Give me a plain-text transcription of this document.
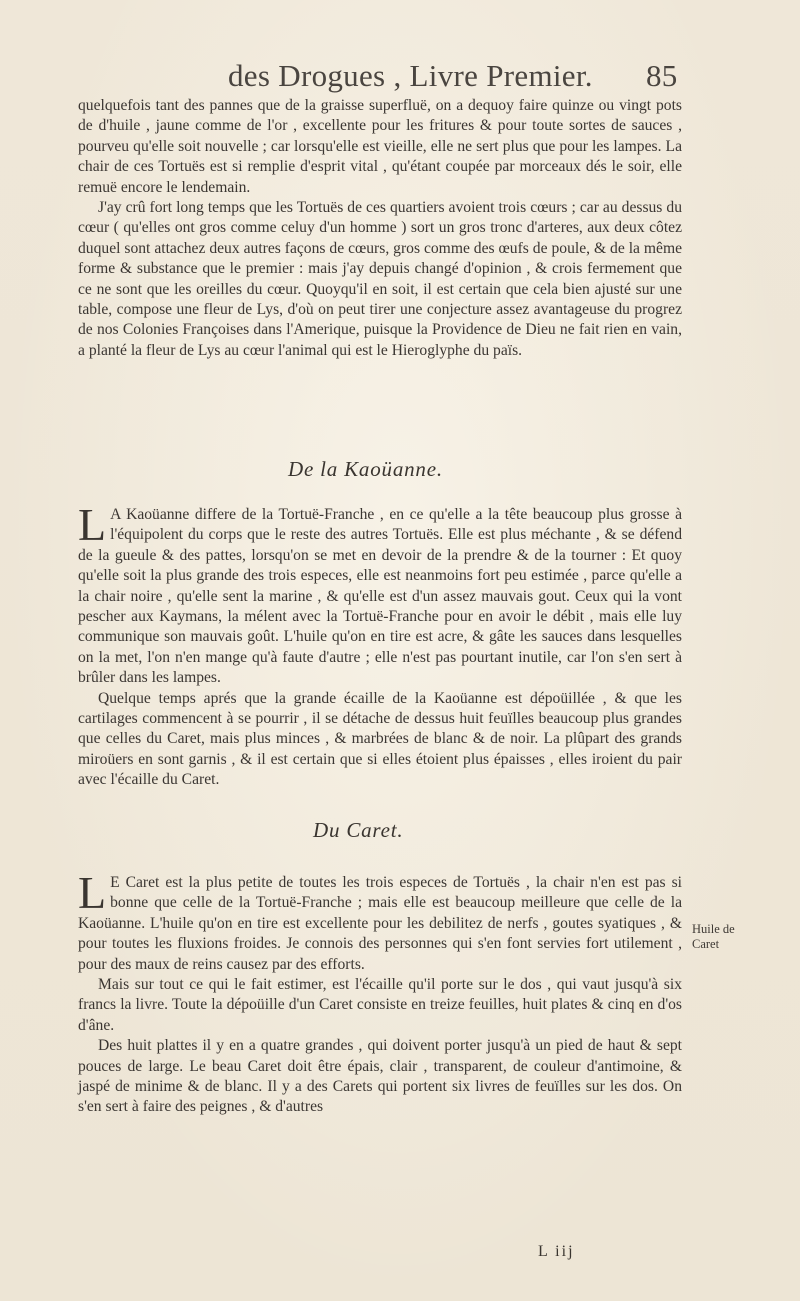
des Drogues , Livre Premier. 85

quelquefois tant des pannes que de la graisse superfluë, on a dequoy faire quinze ou vingt pots de d'huile , jaune comme de l'or , excellente pour les fritures & pour toute sortes de sauces , pourveu qu'elle soit nouvelle ; car lorsqu'elle est vieille, elle ne sert plus que pour les lampes. La chair de ces Tortuës est si remplie d'esprit vital , qu'étant coupée par morceaux dés le soir, elle remuë encore le lendemain.

J'ay crû fort long temps que les Tortuës de ces quartiers avoient trois cœurs ; car au dessus du cœur ( qu'elles ont gros comme celuy d'un homme ) sort un gros tronc d'arteres, aux deux côtez duquel sont attachez deux autres façons de cœurs, gros comme des œufs de poule, & de la même forme & substance que le premier : mais j'ay depuis changé d'opinion , & crois fermement que ce ne sont que les oreilles du cœur. Quoyqu'il en soit, il est certain que cela bien ajusté sur une table, compose une fleur de Lys, d'où on peut tirer une conjecture assez avantageuse du progrez de nos Colonies Françoises dans l'Amerique, puisque la Providence de Dieu ne fait rien en vain, a planté la fleur de Lys au cœur l'animal qui est le Hieroglyphe du païs.

De la Kaoüanne.
L A Kaoüanne differe de la Tortuë-Franche , en ce qu'elle a la tête beaucoup plus grosse à l'équipolent du corps que le reste des autres Tortuës. Elle est plus méchante , & se défend de la gueule & des pattes, lorsqu'on se met en devoir de la prendre & de la tourner : Et quoy qu'elle soit la plus grande des trois especes, elle est neanmoins fort peu estimée , parce qu'elle a la chair noire , qu'elle sent la marine , & qu'elle est d'un assez mauvais gout. Ceux qui la vont pescher aux Kaymans, la mélent avec la Tortuë-Franche pour en avoir le débit , mais elle luy communique son mauvais goût. L'huile qu'on en tire est acre, & gâte les sauces dans lesquelles on la met, l'on n'en mange qu'à faute d'autre ; elle n'est pas pourtant inutile, car l'on s'en sert à brûler dans les lampes.

Quelque temps aprés que la grande écaille de la Kaoüanne est dépoüillée , & que les cartilages commencent à se pourrir , il se détache de dessus huit feuïlles beaucoup plus grandes que celles du Caret, mais plus minces , & marbrées de blanc & de noir. La plûpart des grands miroüers en sont garnis , & il est certain que si elles étoient plus épaisses , elles iroient du pair avec l'écaille du Caret.

Du Caret.
L E Caret est la plus petite de toutes les trois especes de Tortuës , la chair n'en est pas si bonne que celle de la Tortuë-Franche ; mais elle est beaucoup meilleure que celle de la Kaoüanne. L'huile qu'on en tire est excellente pour les debilitez de nerfs , goutes syatiques , & pour toutes les fluxions froides. Je connois des personnes qui s'en font servies fort utilement , pour des maux de reins causez par des efforts.

Mais sur tout ce qui le fait estimer, est l'écaille qu'il porte sur le dos , qui vaut jusqu'à six francs la livre. Toute la dépoüille d'un Caret consiste en treize feuilles, huit plates & cinq en d'os d'âne.

Des huit plattes il y en a quatre grandes , qui doivent porter jusqu'à un pied de haut & sept pouces de large. Le beau Caret doit être épais, clair , transparent, de couleur d'antimoine, & jaspé de minime & de blanc. Il y a des Carets qui portent six livres de feuïlles sur les dos. On s'en sert à faire des peignes , & d'autres

Huile de Caret
L iij
